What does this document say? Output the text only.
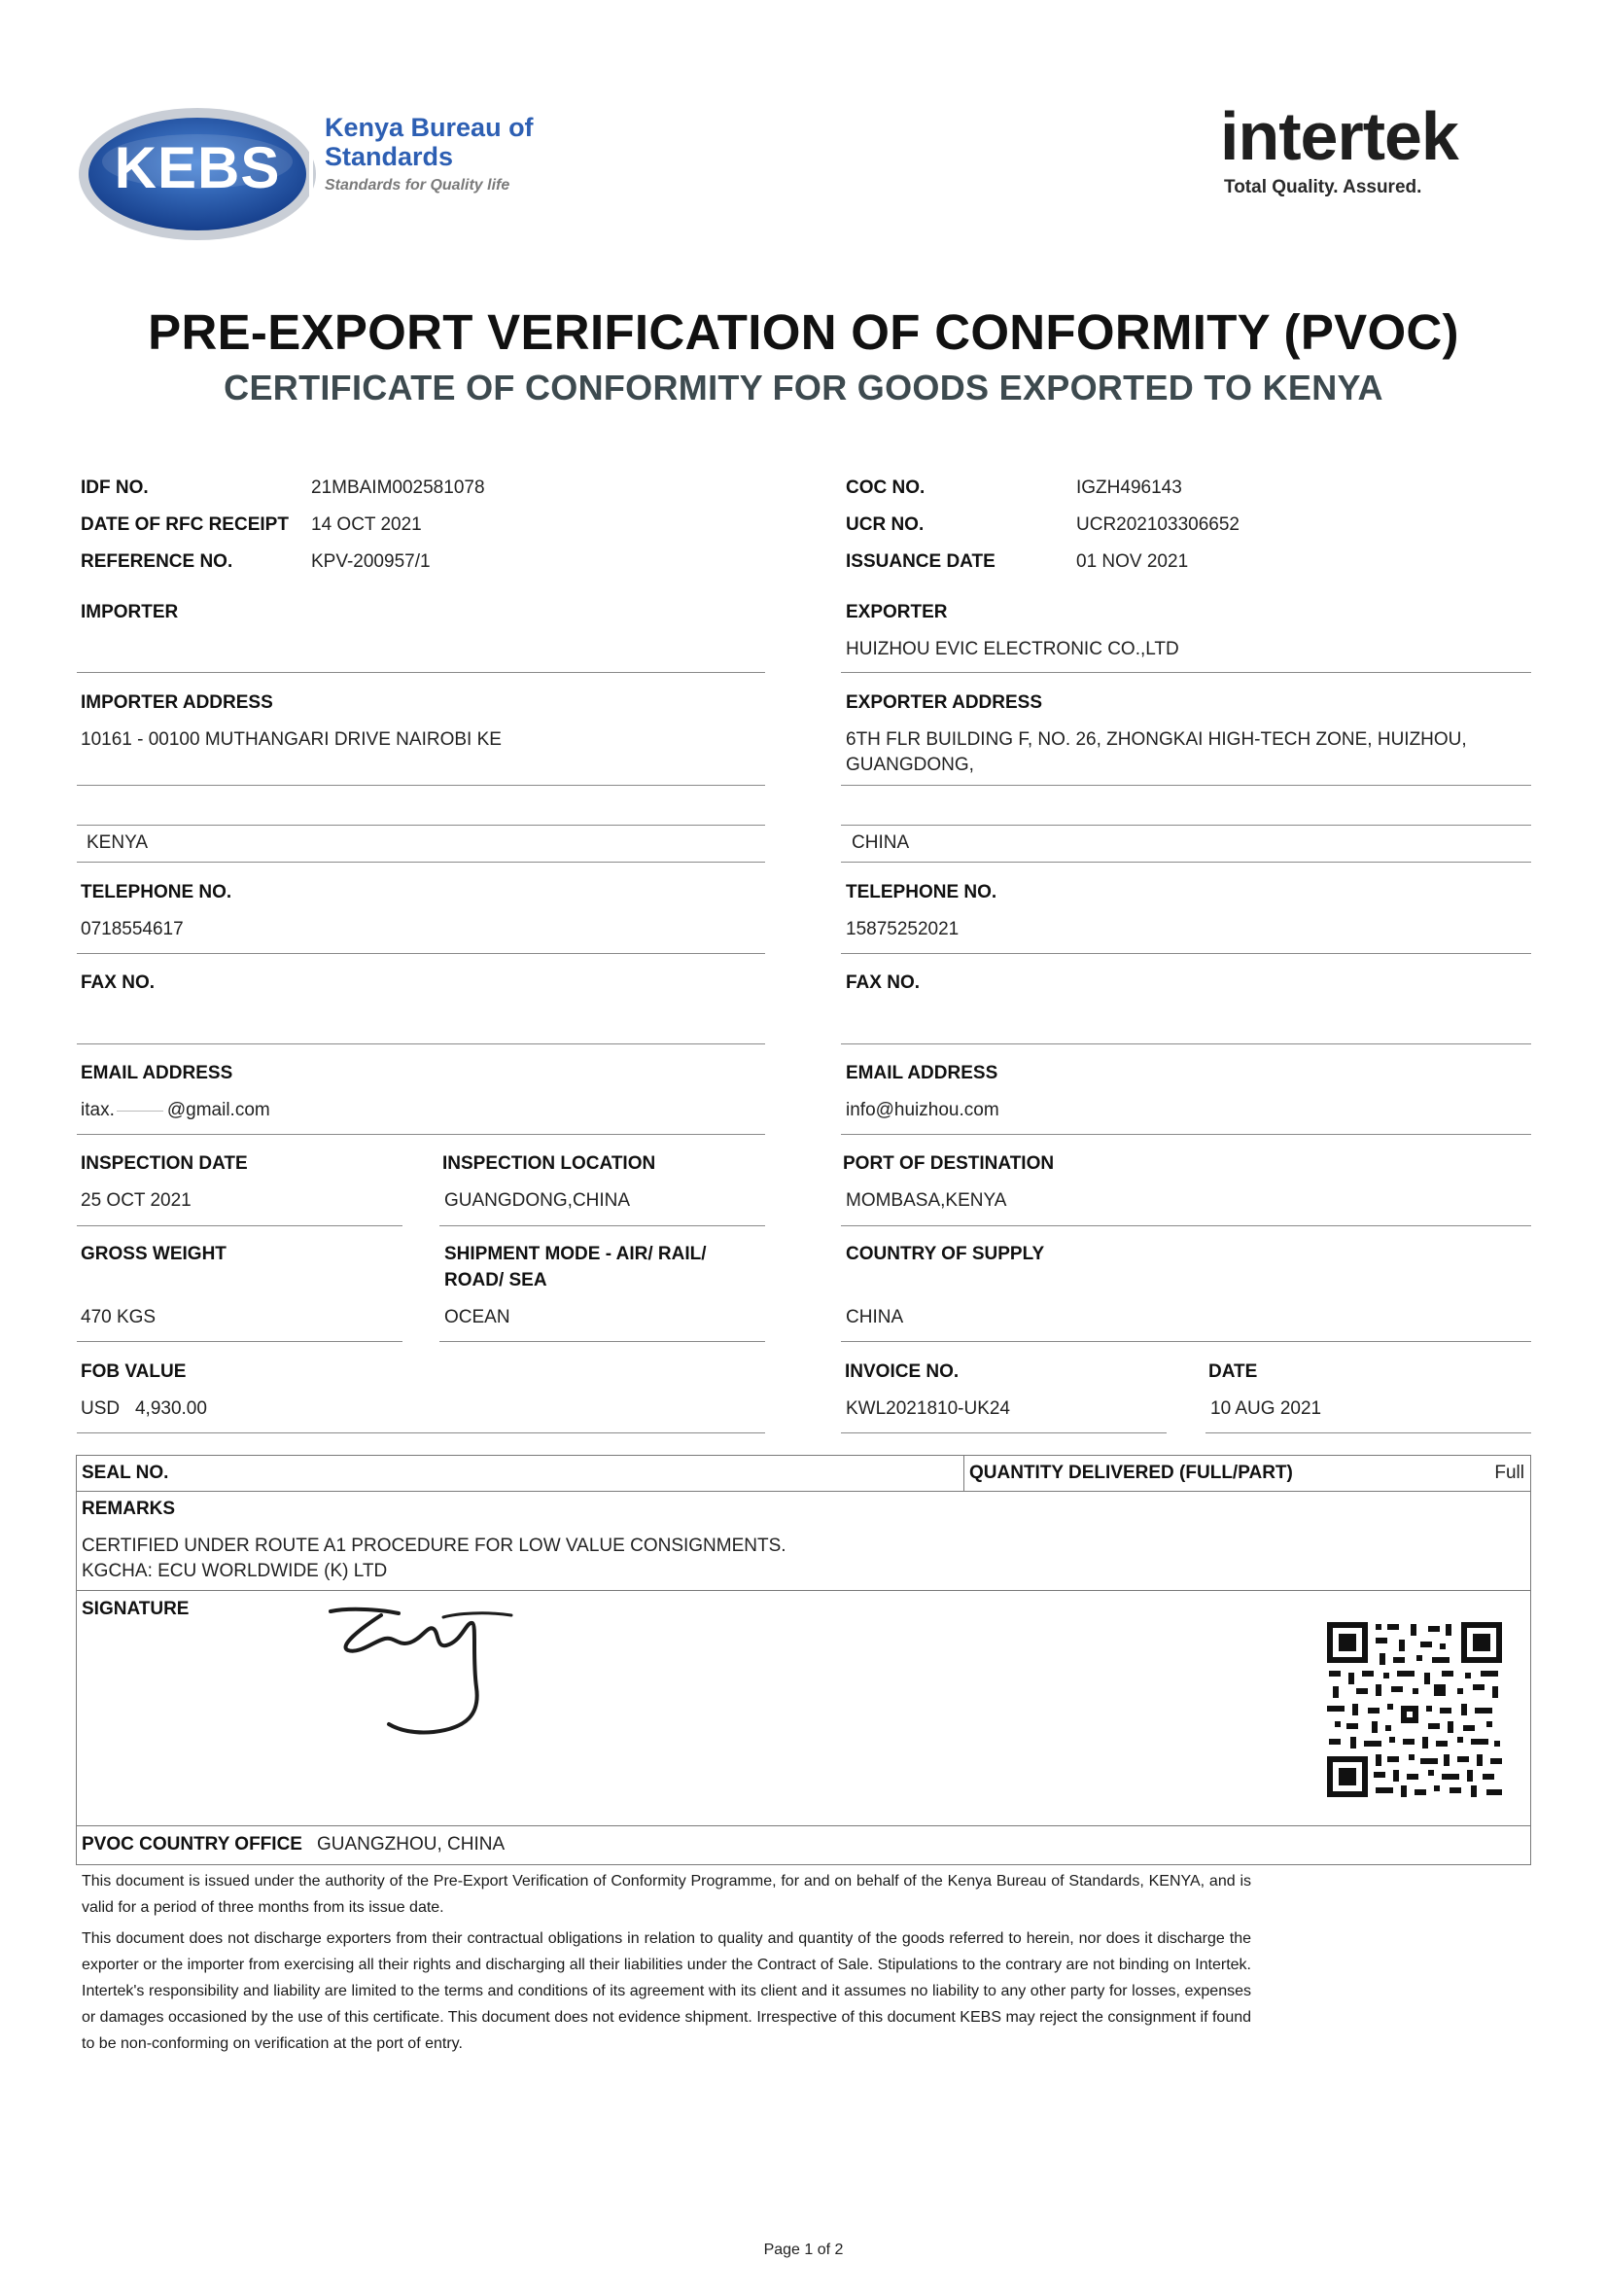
KEBS
Kenya Bureau of
Standards
Standards for Quality life
intertek
Total Quality. Assured.
PRE-EXPORT VERIFICATION OF CONFORMITY (PVOC)
CERTIFICATE OF CONFORMITY FOR GOODS EXPORTED TO KENYA
IDF NO.	21MBAIM002581078
DATE OF RFC RECEIPT 14 OCT 2021
REFERENCE NO.	KPV-200957/1
COC NO.	IGZH496143
UCR NO.	UCR202103306652
ISSUANCE DATE	01 NOV 2021
IMPORTER
IMPORTER ADDRESS
10161 - 00100 MUTHANGARI DRIVE NAIROBI KE
KENYA
TELEPHONE NO.
0718554617
FAX NO.
EMAIL ADDRESS
itax.	@gmail.com
EXPORTER
HUIZHOU EVIC ELECTRONIC CO.,LTD
EXPORTER ADDRESS
6TH FLR BUILDING F, NO. 26, ZHONGKAI HIGH-TECH ZONE, HUIZHOU,
GUANGDONG,
CHINA
TELEPHONE NO.
15875252021
FAX NO.
EMAIL ADDRESS
info@huizhou.com
INSPECTION DATE
25 OCT 2021
INSPECTION LOCATION
GUANGDONG,CHINA
PORT OF DESTINATION
MOMBASA,KENYA
GROSS WEIGHT
470 KGS
SHIPMENT MODE - AIR/ RAIL/
ROAD/ SEA
OCEAN
COUNTRY OF SUPPLY
CHINA
FOB VALUE
USD 4,930.00
INVOICE NO.
KWL2021810-UK24
DATE
10 AUG 2021
SEAL NO.	QUANTITY DELIVERED (FULL/PART)	Full
REMARKS
CERTIFIED UNDER ROUTE A1 PROCEDURE FOR LOW VALUE CONSIGNMENTS.
KGCHA: ECU WORLDWIDE (K) LTD
SIGNATURE
PVOC COUNTRY OFFICE GUANGZHOU, CHINA
This document is issued under the authority of the Pre-Export Verification of Conformity Programme, for and on behalf of the Kenya Bureau of Standards, KENYA, and is valid for a period of three months from its issue date.
This document does not discharge exporters from their contractual obligations in relation to quality and quantity of the goods referred to herein, nor does it discharge the exporter or the importer from exercising all their rights and discharging all their liabilities under the Contract of Sale. Stipulations to the contrary are not binding on Intertek. Intertek's responsibility and liability are limited to the terms and conditions of its agreement with its client and it assumes no liability to any other party for losses, expenses or damages occasioned by the use of this certificate. This document does not evidence shipment. Irrespective of this document KEBS may reject the consignment if found to be non-conforming on verification at the port of entry.
Page 1 of 2
